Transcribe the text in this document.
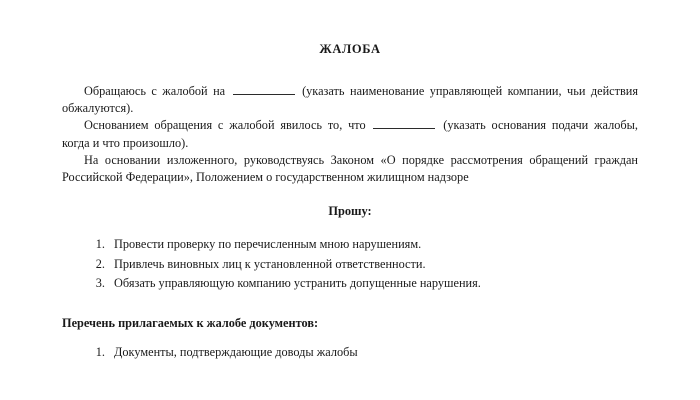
ЖАЛОБА

Обращаюсь с жалобой на	(указать наименование управляющей компании, чьи действия обжалуются).

Основанием обращения с жалобой явилось то, что	(указать основания подачи жалобы, когда и что произошло).

На основании изложенного, руководствуясь Законом «О порядке рассмотрения обращений граждан Российской Федерации», Положением о государственном жилищном надзоре

Прошу:
1. Провести проверку по перечисленным мною нарушениям.
2. Привлечь виновных лиц к установленной ответственности.
3. Обязать управляющую компанию устранить допущенные нарушения.
Перечень прилагаемых к жалобе документов:
1. Документы, подтверждающие доводы жалобы
